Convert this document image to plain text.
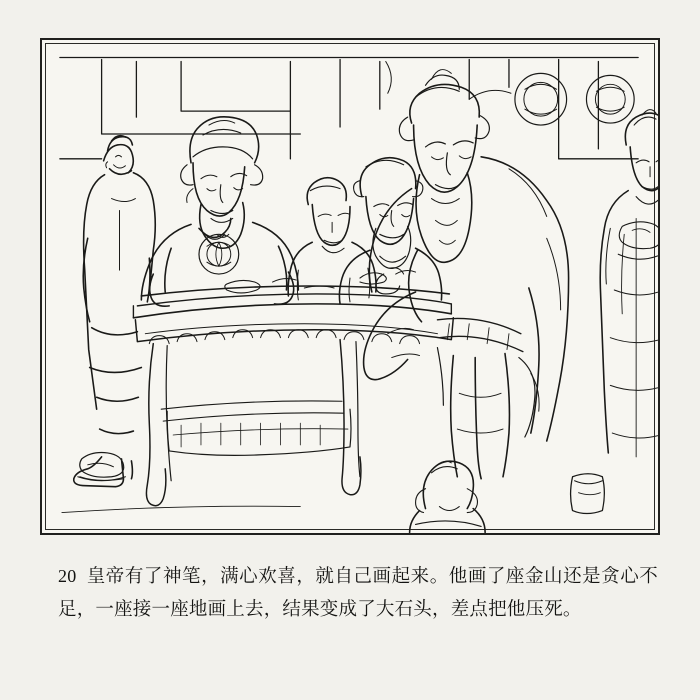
20 皇帝有了神笔，满心欢喜，就自己画起来。他画了座金山还是贪心不足，一座接一座地画上去，结果变成了大石头，差点把他压死。
